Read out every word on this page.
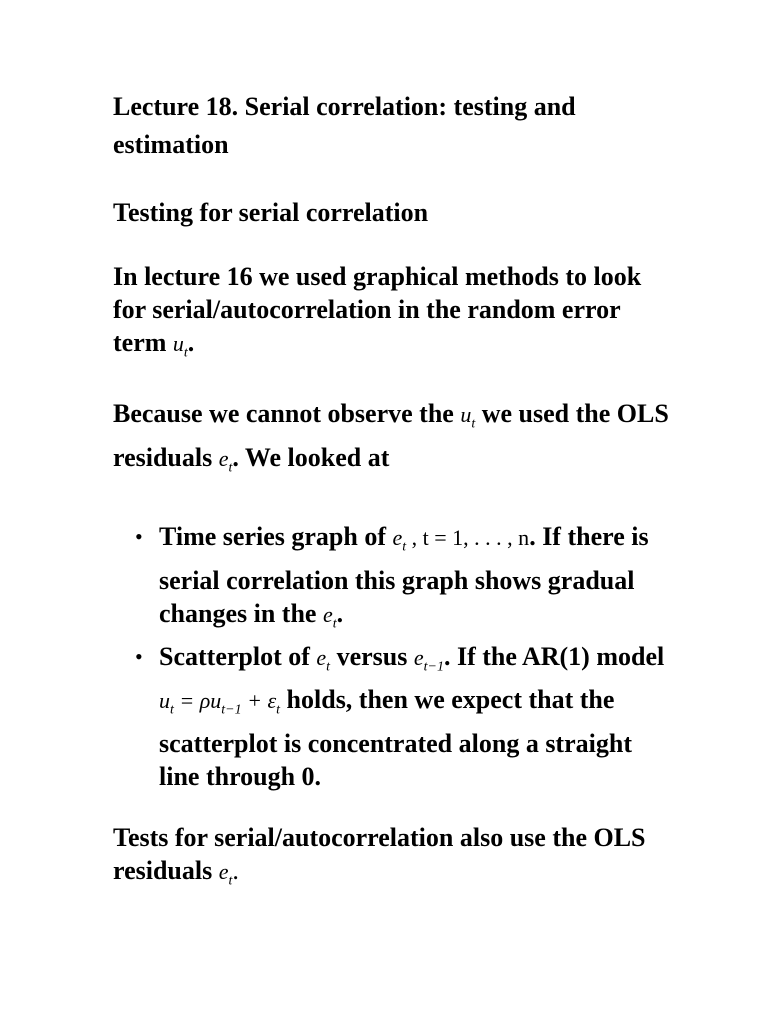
Lecture 18. Serial correlation: testing and estimation
Testing for serial correlation

In lecture 16 we used graphical methods to look for serial/autocorrelation in the random error term $u_t$.

Because we cannot observe the $u_t$ we used the OLS residuals $e_t$. We looked at

• Time series graph of $e_t$ , t = 1, . . . , n. If there is serial correlation this graph shows gradual changes in the $e_t$.
• Scatterplot of $e_t$ versus $e_{t-1}$. If the AR(1) model $u_t = \rho u_{t-1} + \varepsilon_t$ holds, then we expect that the scatterplot is concentrated along a straight line through 0.

Tests for serial/autocorrelation also use the OLS residuals $e_t$.
